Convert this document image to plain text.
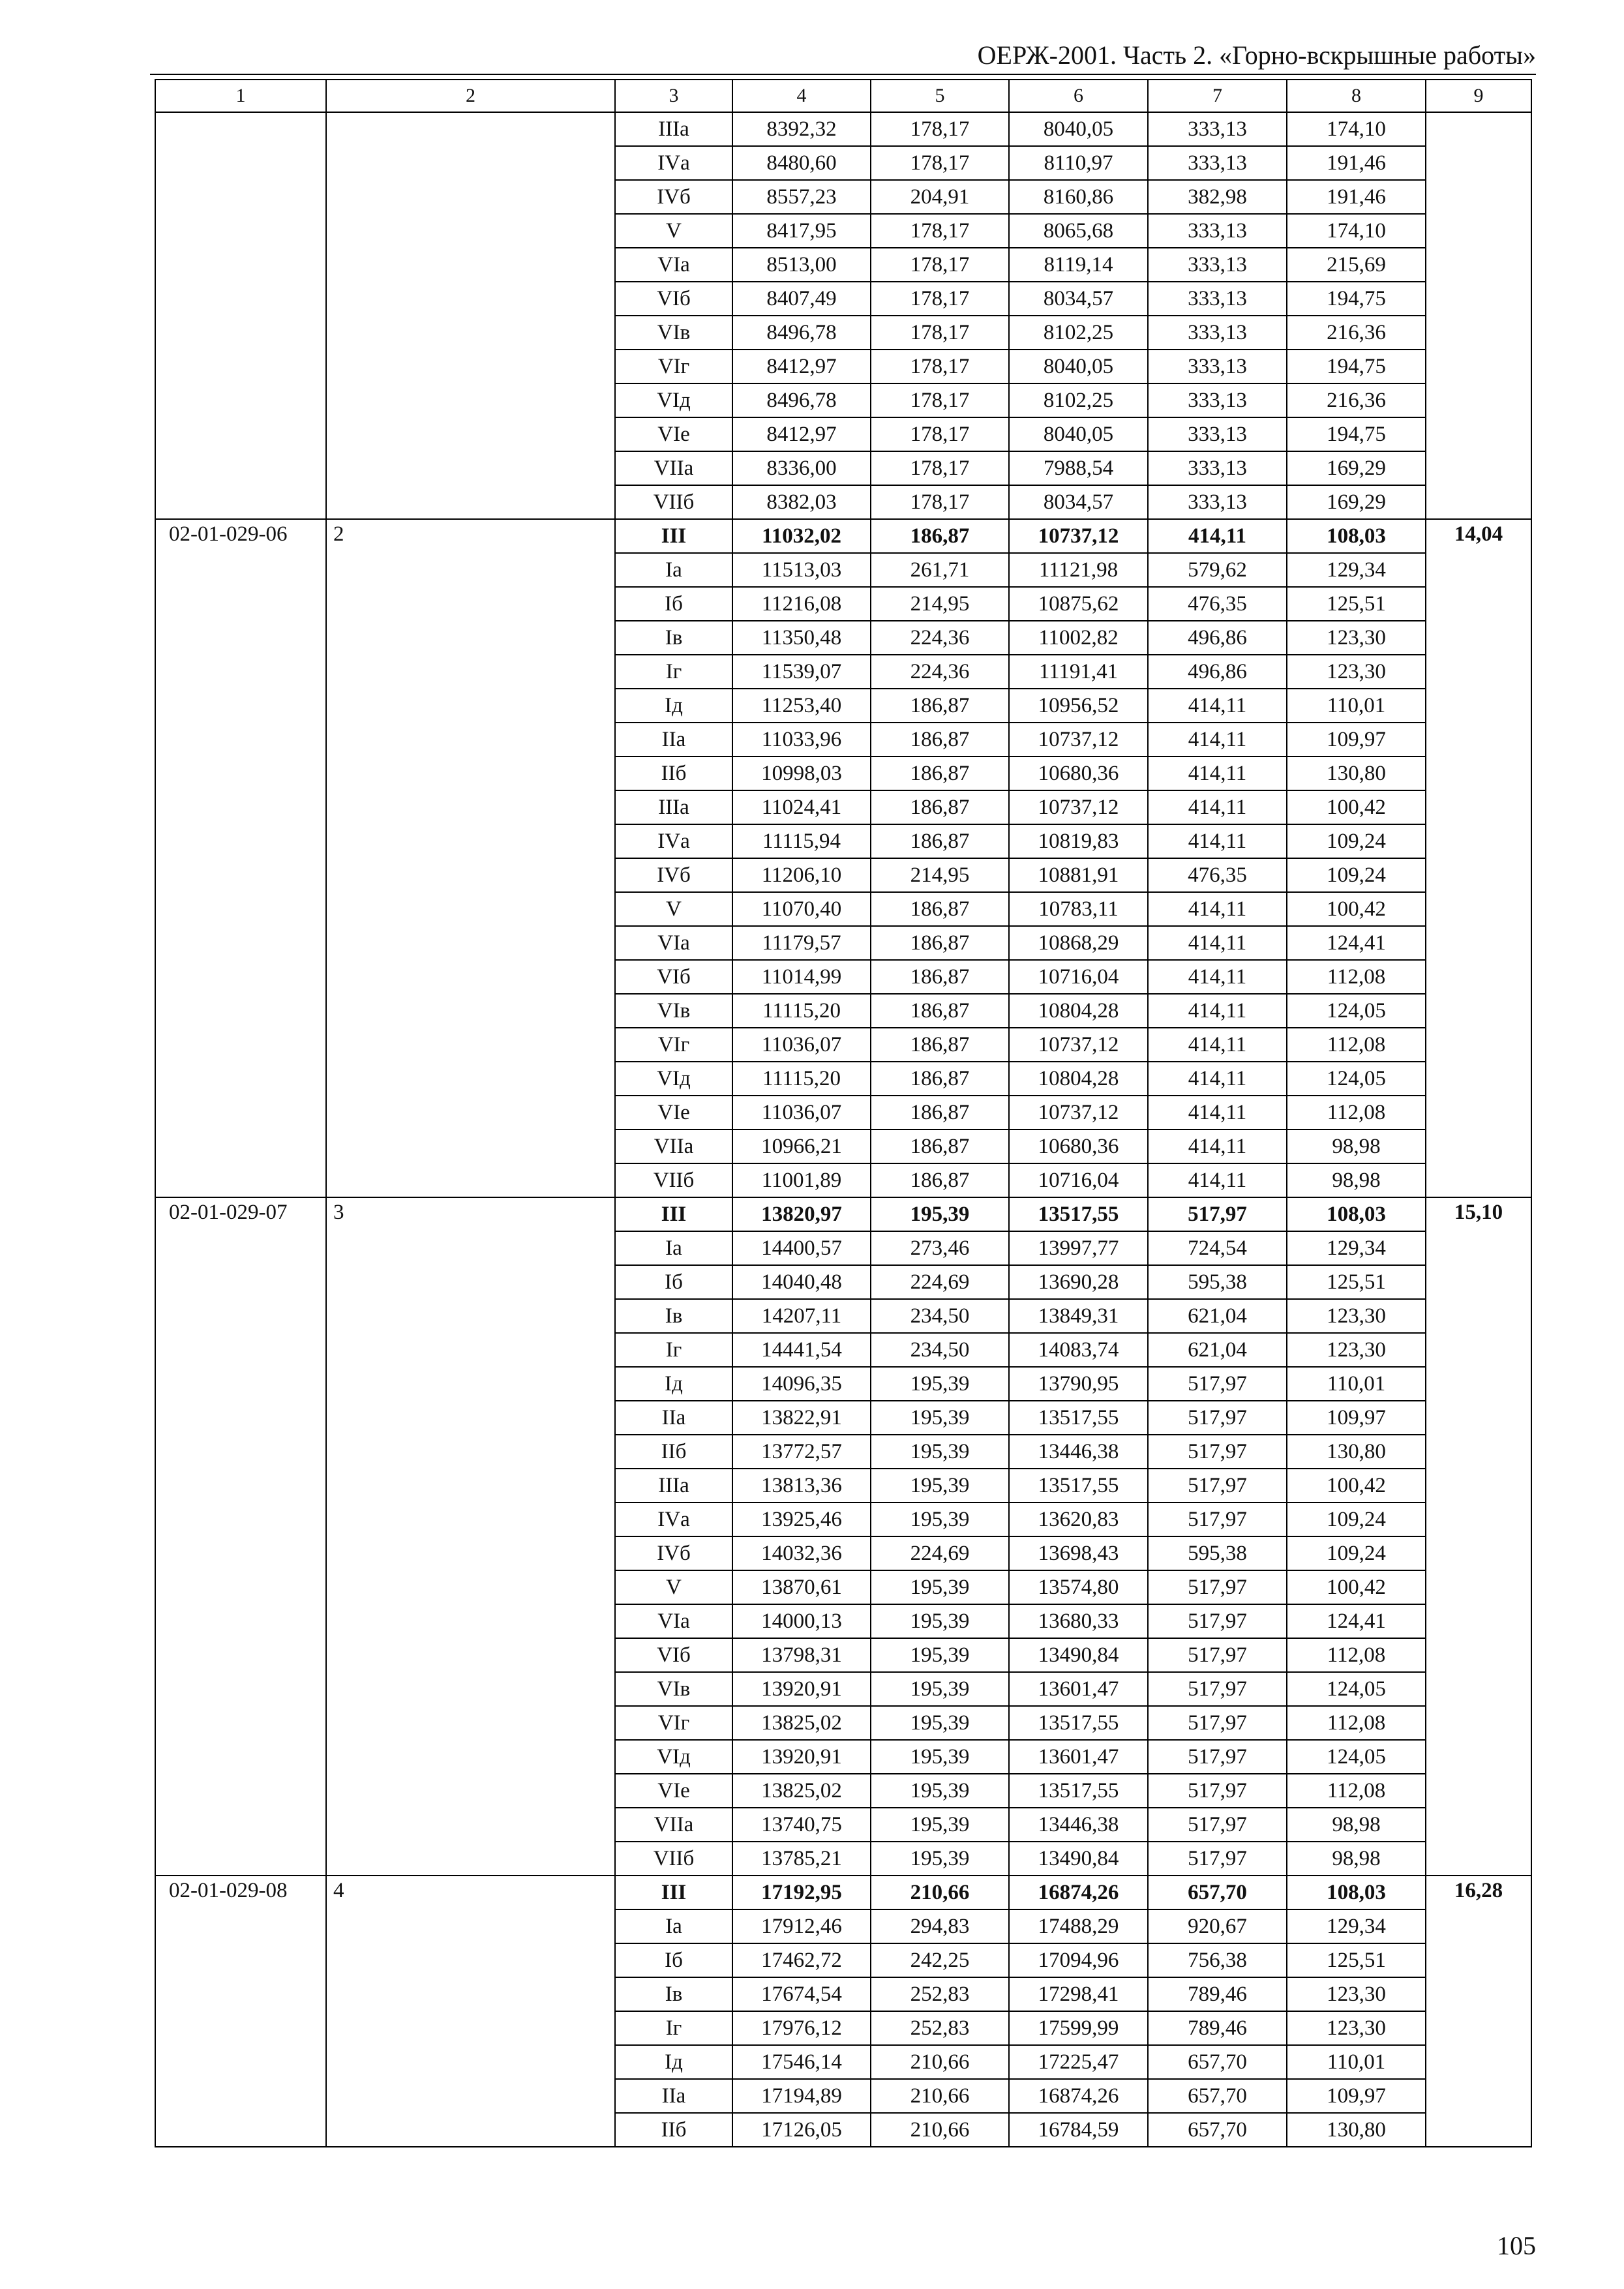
ОЕРЖ-2001. Часть 2. «Горно-вскрышные работы»
1	2	3	4	5	6	7	8	9
		IIIа	8392,32	178,17	8040,05	333,13	174,10	
		IVа	8480,60	178,17	8110,97	333,13	191,46	
		IVб	8557,23	204,91	8160,86	382,98	191,46	
		V	8417,95	178,17	8065,68	333,13	174,10	
		VIа	8513,00	178,17	8119,14	333,13	215,69	
		VIб	8407,49	178,17	8034,57	333,13	194,75	
		VIв	8496,78	178,17	8102,25	333,13	216,36	
		VIг	8412,97	178,17	8040,05	333,13	194,75	
		VIд	8496,78	178,17	8102,25	333,13	216,36	
		VIе	8412,97	178,17	8040,05	333,13	194,75	
		VIIа	8336,00	178,17	7988,54	333,13	169,29	
		VIIб	8382,03	178,17	8034,57	333,13	169,29	
02-01-029-06	2	III	11032,02	186,87	10737,12	414,11	108,03	14,04
		Iа	11513,03	261,71	11121,98	579,62	129,34	
		Iб	11216,08	214,95	10875,62	476,35	125,51	
		Iв	11350,48	224,36	11002,82	496,86	123,30	
		Iг	11539,07	224,36	11191,41	496,86	123,30	
		Iд	11253,40	186,87	10956,52	414,11	110,01	
		IIа	11033,96	186,87	10737,12	414,11	109,97	
		IIб	10998,03	186,87	10680,36	414,11	130,80	
		IIIа	11024,41	186,87	10737,12	414,11	100,42	
		IVа	11115,94	186,87	10819,83	414,11	109,24	
		IVб	11206,10	214,95	10881,91	476,35	109,24	
		V	11070,40	186,87	10783,11	414,11	100,42	
		VIа	11179,57	186,87	10868,29	414,11	124,41	
		VIб	11014,99	186,87	10716,04	414,11	112,08	
		VIв	11115,20	186,87	10804,28	414,11	124,05	
		VIг	11036,07	186,87	10737,12	414,11	112,08	
		VIд	11115,20	186,87	10804,28	414,11	124,05	
		VIе	11036,07	186,87	10737,12	414,11	112,08	
		VIIа	10966,21	186,87	10680,36	414,11	98,98	
		VIIб	11001,89	186,87	10716,04	414,11	98,98	
02-01-029-07	3	III	13820,97	195,39	13517,55	517,97	108,03	15,10
		Iа	14400,57	273,46	13997,77	724,54	129,34	
		Iб	14040,48	224,69	13690,28	595,38	125,51	
		Iв	14207,11	234,50	13849,31	621,04	123,30	
		Iг	14441,54	234,50	14083,74	621,04	123,30	
		Iд	14096,35	195,39	13790,95	517,97	110,01	
		IIа	13822,91	195,39	13517,55	517,97	109,97	
		IIб	13772,57	195,39	13446,38	517,97	130,80	
		IIIа	13813,36	195,39	13517,55	517,97	100,42	
		IVа	13925,46	195,39	13620,83	517,97	109,24	
		IVб	14032,36	224,69	13698,43	595,38	109,24	
		V	13870,61	195,39	13574,80	517,97	100,42	
		VIа	14000,13	195,39	13680,33	517,97	124,41	
		VIб	13798,31	195,39	13490,84	517,97	112,08	
		VIв	13920,91	195,39	13601,47	517,97	124,05	
		VIг	13825,02	195,39	13517,55	517,97	112,08	
		VIд	13920,91	195,39	13601,47	517,97	124,05	
		VIе	13825,02	195,39	13517,55	517,97	112,08	
		VIIа	13740,75	195,39	13446,38	517,97	98,98	
		VIIб	13785,21	195,39	13490,84	517,97	98,98	
02-01-029-08	4	III	17192,95	210,66	16874,26	657,70	108,03	16,28
		Iа	17912,46	294,83	17488,29	920,67	129,34	
		Iб	17462,72	242,25	17094,96	756,38	125,51	
		Iв	17674,54	252,83	17298,41	789,46	123,30	
		Iг	17976,12	252,83	17599,99	789,46	123,30	
		Iд	17546,14	210,66	17225,47	657,70	110,01	
		IIа	17194,89	210,66	16874,26	657,70	109,97	
		IIб	17126,05	210,66	16784,59	657,70	130,80	
105
